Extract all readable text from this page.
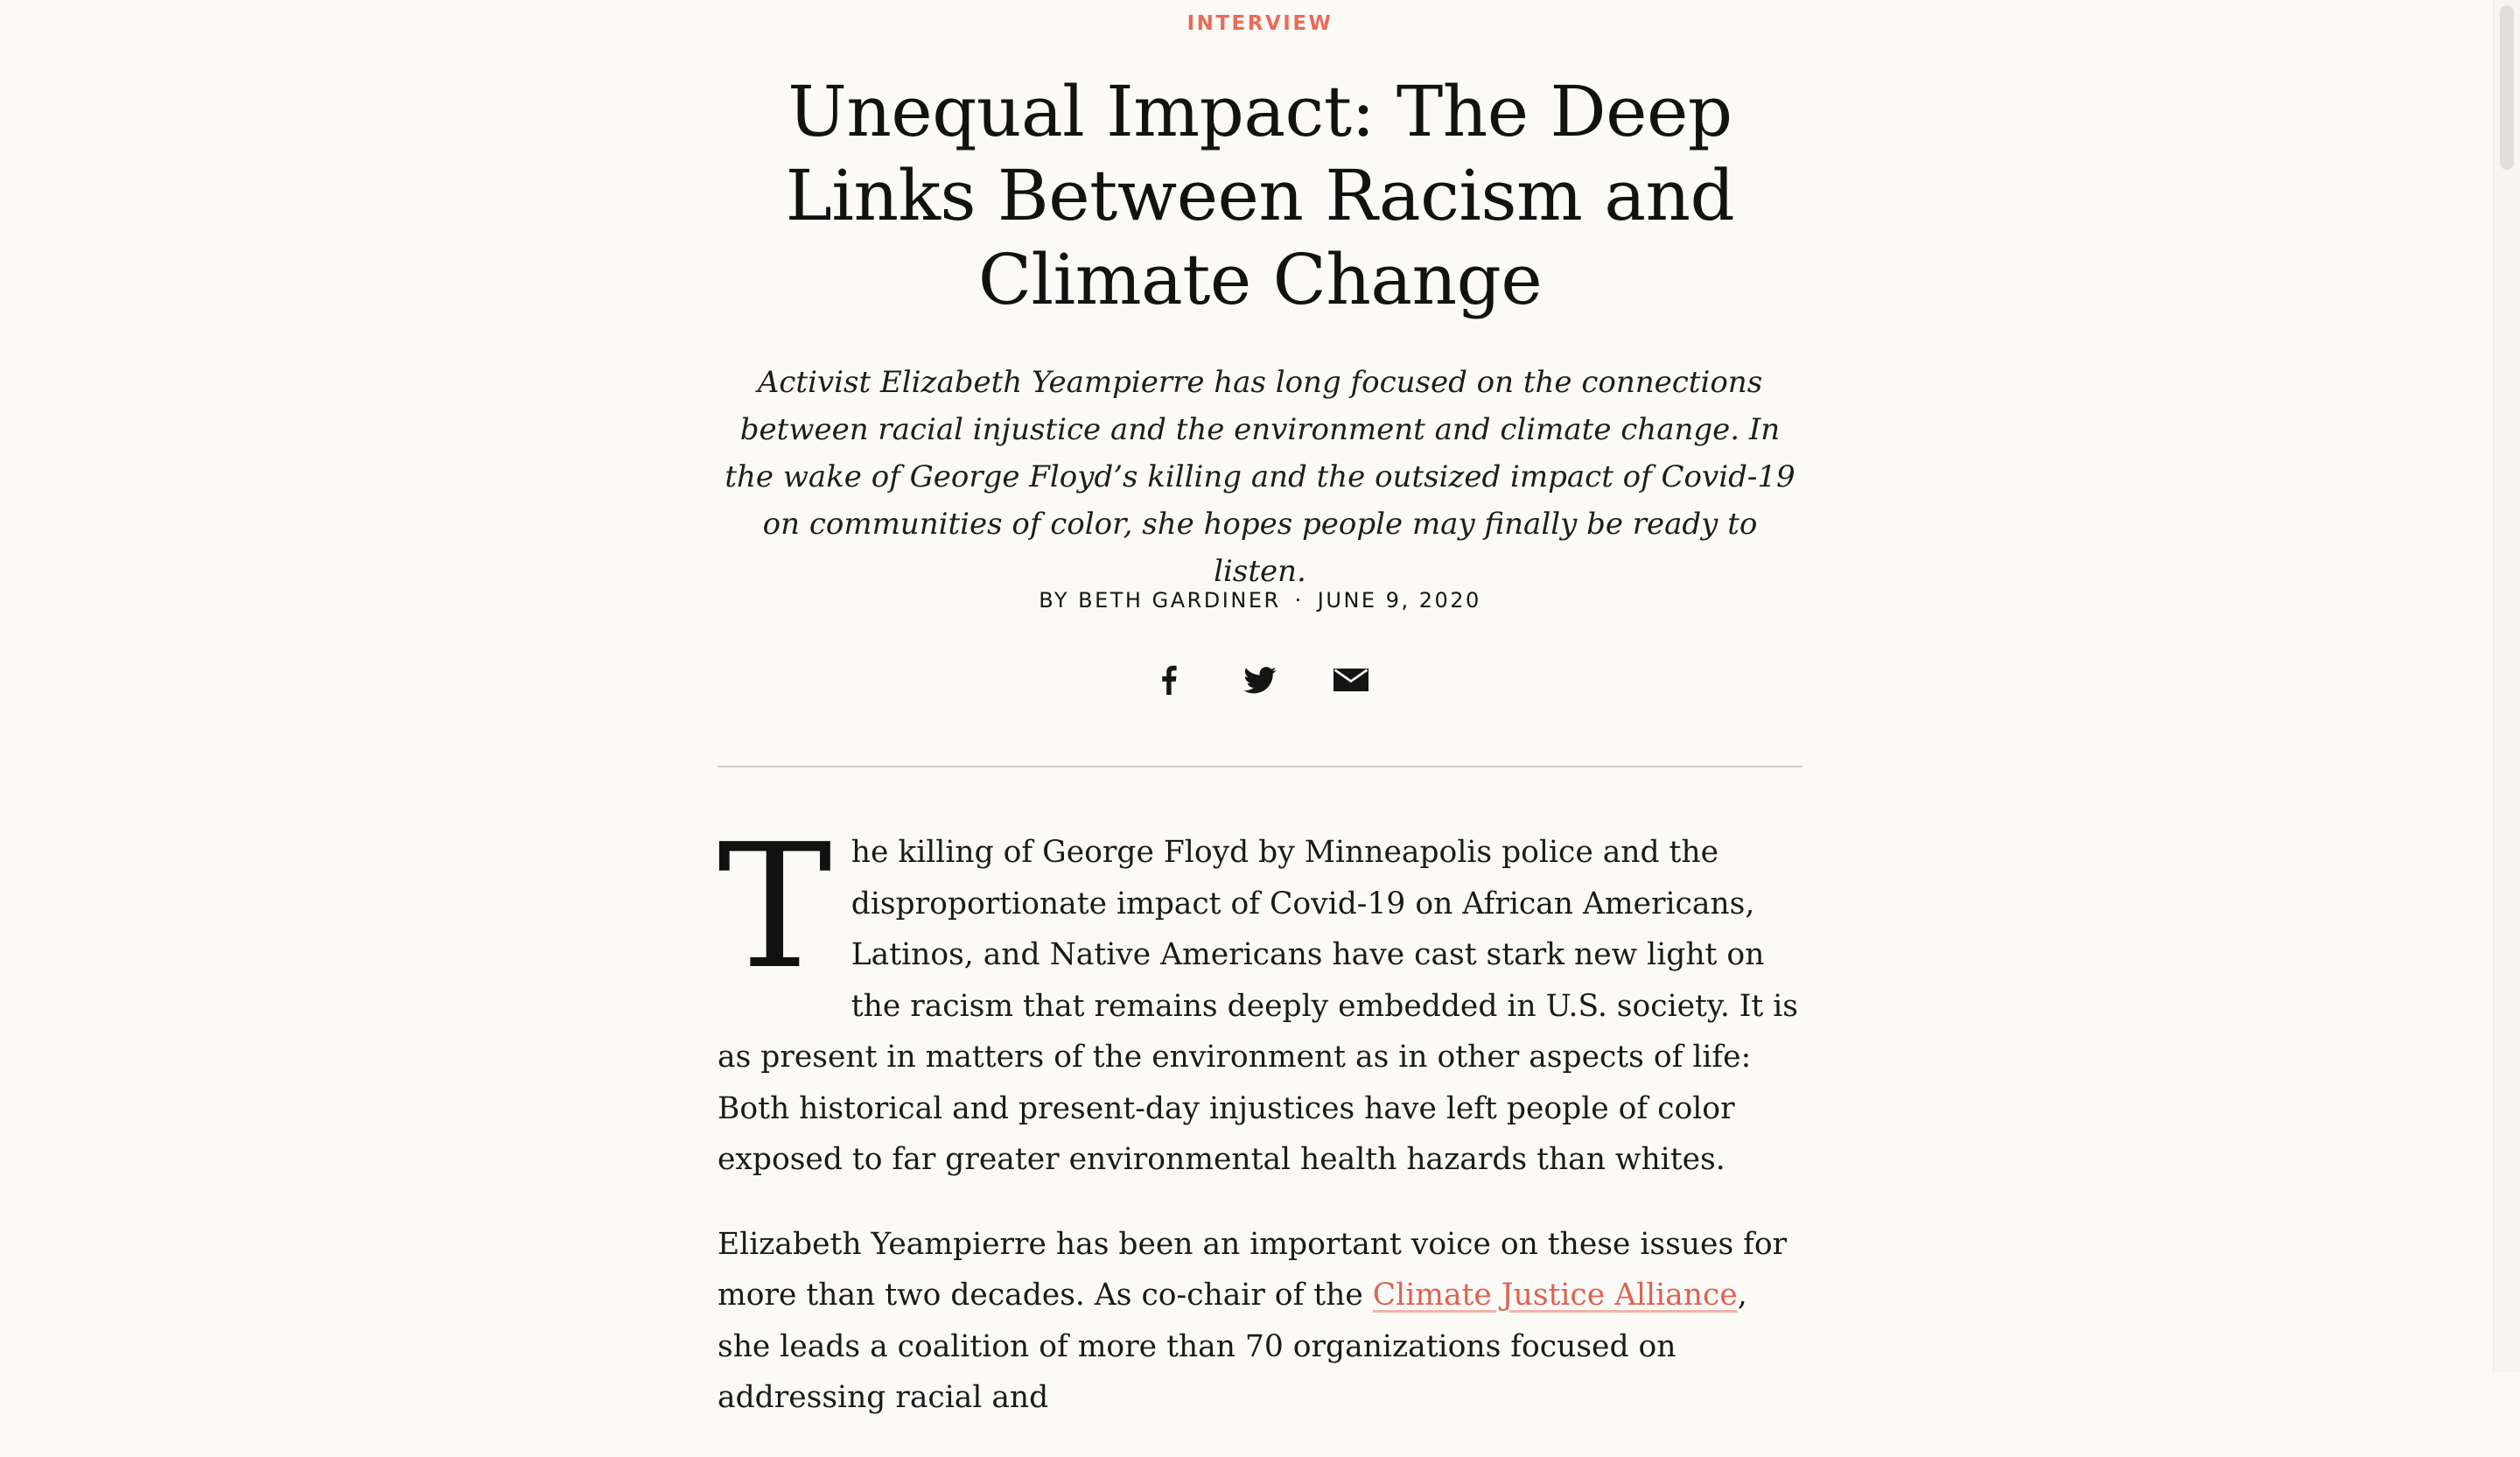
INTERVIEW
Unequal Impact: The Deep Links Between Racism and Climate Change

Activist Elizabeth Yeampierre has long focused on the connections between racial injustice and the environment and climate change. In the wake of George Floyd’s killing and the outsized impact of Covid-19 on communities of color, she hopes people may finally be ready to listen.

BY BETH GARDINER · JUNE 9, 2020

The killing of George Floyd by Minneapolis police and the disproportionate impact of Covid-19 on African Americans, Latinos, and Native Americans have cast stark new light on the racism that remains deeply embedded in U.S. society. It is as present in matters of the environment as in other aspects of life: Both historical and present-day injustices have left people of color exposed to far greater environmental health hazards than whites.

Elizabeth Yeampierre has been an important voice on these issues for more than two decades. As co-chair of the Climate Justice Alliance, she leads a coalition of more than 70 organizations focused on addressing racial and
